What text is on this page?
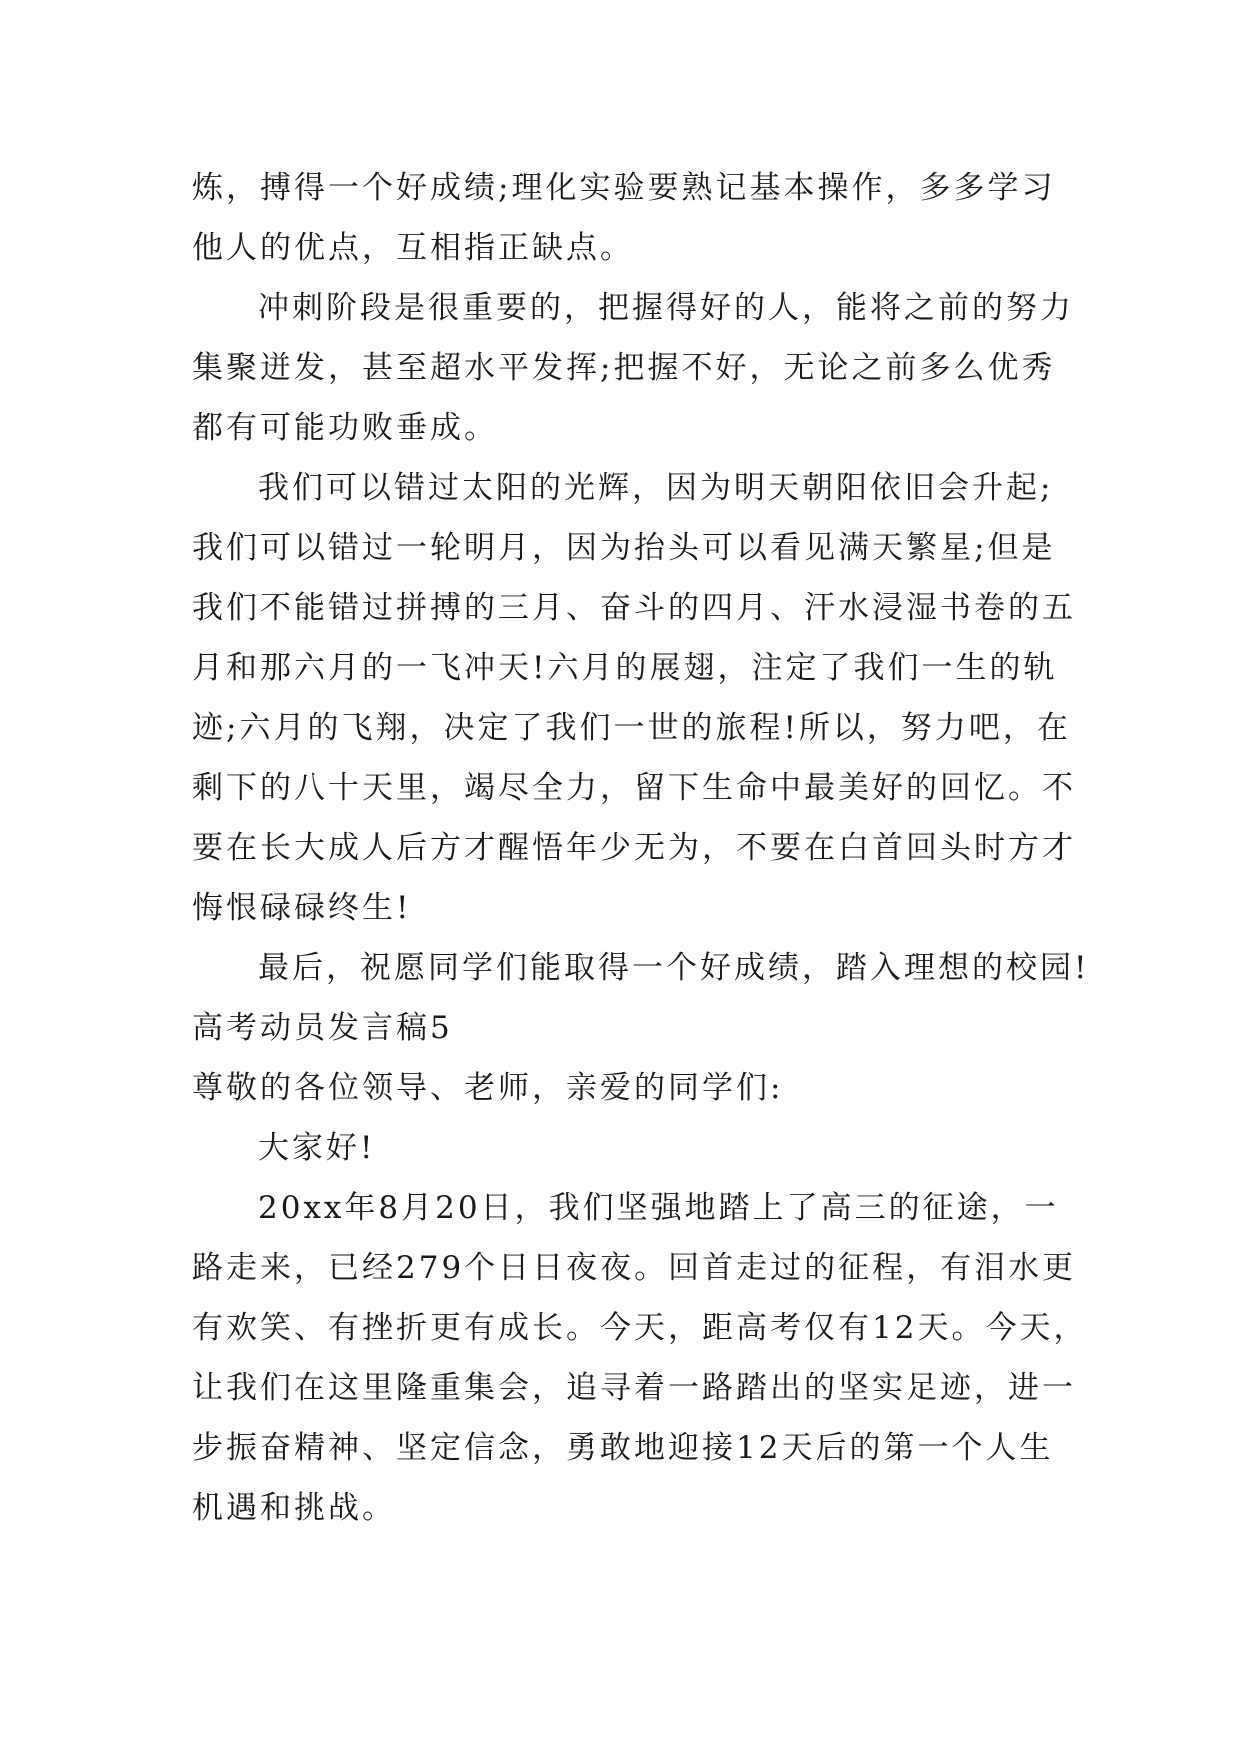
炼，搏得一个好成绩;理化实验要熟记基本操作，多多学习
他人的优点，互相指正缺点。
冲刺阶段是很重要的，把握得好的人，能将之前的努力
集聚迸发，甚至超水平发挥;把握不好，无论之前多么优秀
都有可能功败垂成。
我们可以错过太阳的光辉，因为明天朝阳依旧会升起;
我们可以错过一轮明月，因为抬头可以看见满天繁星;但是
我们不能错过拼搏的三月、奋斗的四月、汗水浸湿书卷的五
月和那六月的一飞冲天!六月的展翅，注定了我们一生的轨
迹;六月的飞翔，决定了我们一世的旅程!所以，努力吧，在
剩下的八十天里，竭尽全力，留下生命中最美好的回忆。不
要在长大成人后方才醒悟年少无为，不要在白首回头时方才
悔恨碌碌终生!
最后，祝愿同学们能取得一个好成绩，踏入理想的校园!
高考动员发言稿5
尊敬的各位领导、老师，亲爱的同学们:
大家好!
20xx年8月20日，我们坚强地踏上了高三的征途，一
路走来，已经279个日日夜夜。回首走过的征程，有泪水更
有欢笑、有挫折更有成长。今天，距高考仅有12天。今天，
让我们在这里隆重集会，追寻着一路踏出的坚实足迹，进一
步振奋精神、坚定信念，勇敢地迎接12天后的第一个人生
机遇和挑战。
